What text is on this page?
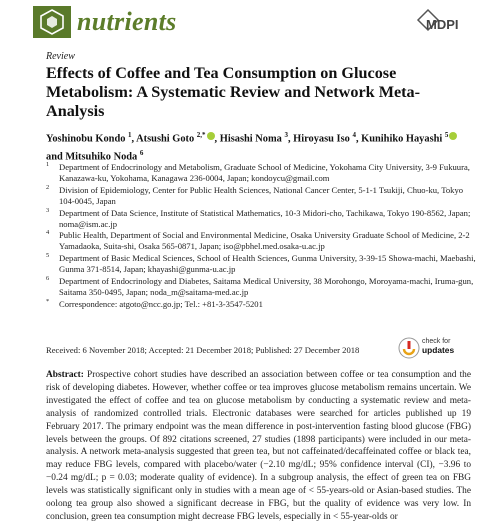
nutrients	MDPI
Review
Effects of Coffee and Tea Consumption on Glucose Metabolism: A Systematic Review and Network Meta-Analysis
Yoshinobu Kondo $^1$, Atsushi Goto $^{2,*}$ , Hisashi Noma $^3$, Hiroyasu Iso $^4$, Kunihiko Hayashi $^5$ and Mitsuhiko Noda $^6$
1 Department of Endocrinology and Metabolism, Graduate School of Medicine, Yokohama City University, 3-9 Fukuura, Kanazawa-ku, Yokohama, Kanagawa 236-0004, Japan; kondoycu@gmail.com
2 Division of Epidemiology, Center for Public Health Sciences, National Cancer Center, 5-1-1 Tsukiji, Chuo-ku, Tokyo 104-0045, Japan
3 Department of Data Science, Institute of Statistical Mathematics, 10-3 Midori-cho, Tachikawa, Tokyo 190-8562, Japan; noma@ism.ac.jp
4 Public Health, Department of Social and Environmental Medicine, Osaka University Graduate School of Medicine, 2-2 Yamadaoka, Suita-shi, Osaka 565-0871, Japan; iso@pbhel.med.osaka-u.ac.jp
5 Department of Basic Medical Sciences, School of Health Sciences, Gunma University, 3-39-15 Showa-machi, Maebashi, Gunma 371-8514, Japan; khayashi@gunma-u.ac.jp
6 Department of Endocrinology and Diabetes, Saitama Medical University, 38 Morohongo, Moroyama-machi, Iruma-gun, Saitama 350-0495, Japan; noda_m@saitama-med.ac.jp
* Correspondence: atgoto@ncc.go.jp; Tel.: +81-3-3547-5201
Received: 6 November 2018; Accepted: 21 December 2018; Published: 27 December 2018
check for
updates
Abstract: Prospective cohort studies have described an association between coffee or tea consumption and the risk of developing diabetes. However, whether coffee or tea improves glucose metabolism remains uncertain. We investigated the effect of coffee and tea on glucose metabolism by conducting a systematic review and meta-analysis of randomized controlled trials. Electronic databases were searched for articles published up 19 February 2017. The primary endpoint was the mean difference in post-intervention fasting blood glucose (FBG) levels between the groups. Of 892 citations screened, 27 studies (1898 participants) were included in our meta-analysis. A network meta-analysis suggested that green tea, but not caffeinated/decaffeinated coffee or black tea, may reduce FBG levels, compared with placebo/water (−2.10 mg/dL; 95% confidence interval (CI), −3.96 to −0.24 mg/dL; p = 0.03; moderate quality of evidence). In a subgroup analysis, the effect of green tea on FBG levels was statistically significant only in studies with a mean age of < 55-years-old or Asian-based studies. The oolong tea group also showed a significant decrease in FBG, but the quality of evidence was very low. In conclusion, green tea consumption might decrease FBG levels, especially in < 55-year-olds or
